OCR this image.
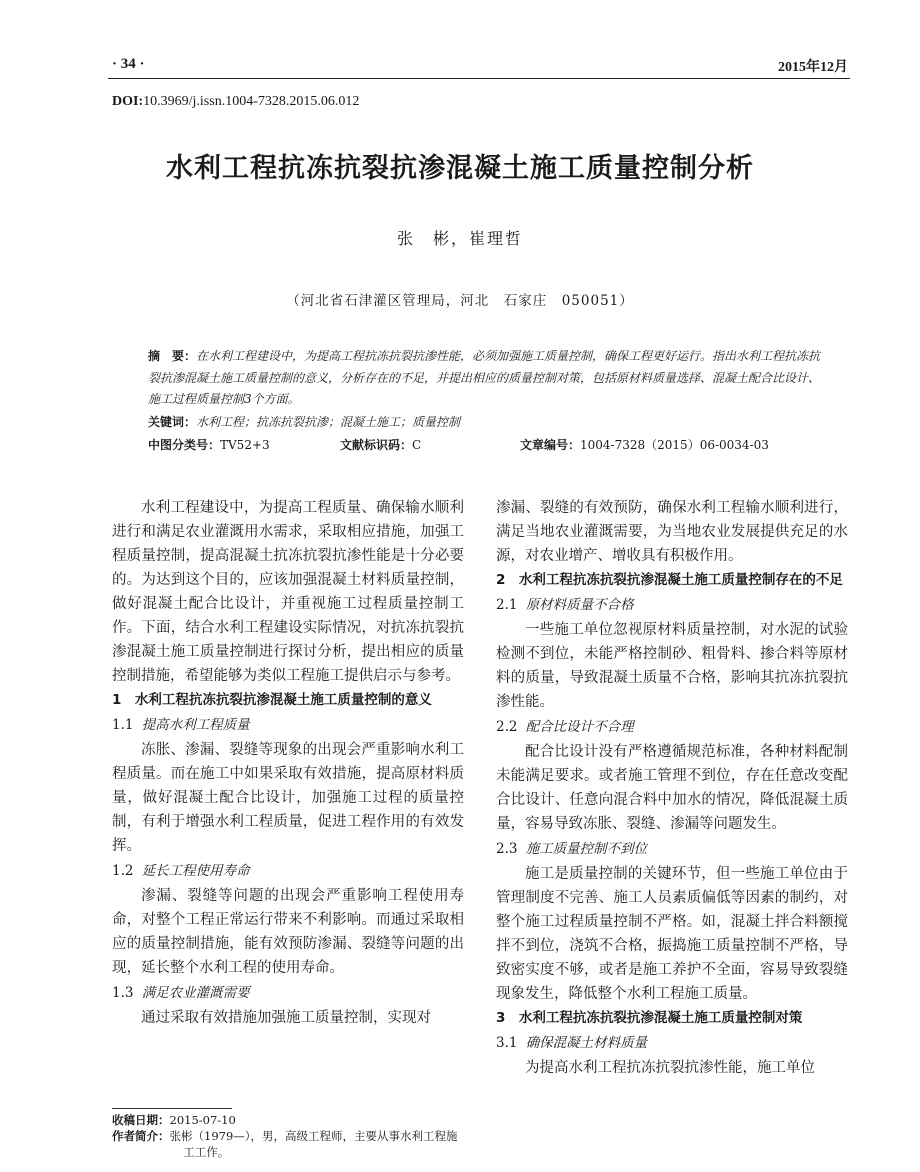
· 34 ·	2015年12月
DOI:10.3969/j.issn.1004-7328.2015.06.012
水利工程抗冻抗裂抗渗混凝土施工质量控制分析
张　彬，崔理哲
（河北省石津灌区管理局，河北　石家庄　050051）
摘　要：在水利工程建设中，为提高工程抗冻抗裂抗渗性能，必须加强施工质量控制，确保工程更好运行。指出水利工程抗冻抗裂抗渗混凝土施工质量控制的意义，分析存在的不足，并提出相应的质量控制对策，包括原材料质量选择、混凝土配合比设计、施工过程质量控制3个方面。
关键词：水利工程；抗冻抗裂抗渗；混凝土施工；质量控制
中图分类号：TV52+3	文献标识码：C	文章编号：1004-7328（2015）06-0034-03

水利工程建设中，为提高工程质量、确保输水顺利进行和满足农业灌溉用水需求，采取相应措施，加强工程质量控制，提高混凝土抗冻抗裂抗渗性能是十分必要的。为达到这个目的，应该加强混凝土材料质量控制，做好混凝土配合比设计，并重视施工过程质量控制工作。下面，结合水利工程建设实际情况，对抗冻抗裂抗渗混凝土施工质量控制进行探讨分析，提出相应的质量控制措施，希望能够为类似工程施工提供启示与参考。

1　 水利工程抗冻抗裂抗渗混凝土施工质量控制的意义
1.1 提高水利工程质量

冻胀、渗漏、裂缝等现象的出现会严重影响水利工程质量。而在施工中如果采取有效措施，提高原材料质量，做好混凝土配合比设计，加强施工过程的质量控制，有利于增强水利工程质量，促进工程作用的有效发挥。

1.2 延长工程使用寿命

渗漏、裂缝等问题的出现会严重影响工程使用寿命，对整个工程正常运行带来不利影响。而通过采取相应的质量控制措施，能有效预防渗漏、裂缝等问题的出现，延长整个水利工程的使用寿命。

1.3 满足农业灌溉需要

通过采取有效措施加强施工质量控制，实现对

渗漏、裂缝的有效预防，确保水利工程输水顺利进行，满足当地农业灌溉需要，为当地农业发展提供充足的水源，对农业增产、增收具有积极作用。

2　 水利工程抗冻抗裂抗渗混凝土施工质量控制存在的不足
2.1 原材料质量不合格

一些施工单位忽视原材料质量控制，对水泥的试验检测不到位，未能严格控制砂、粗骨料、掺合料等原材料的质量，导致混凝土质量不合格，影响其抗冻抗裂抗渗性能。

2.2 配合比设计不合理

配合比设计没有严格遵循规范标准，各种材料配制未能满足要求。或者施工管理不到位，存在任意改变配合比设计、任意向混合料中加水的情况，降低混凝土质量，容易导致冻胀、裂缝、渗漏等问题发生。

2.3 施工质量控制不到位

施工是质量控制的关键环节，但一些施工单位由于管理制度不完善、施工人员素质偏低等因素的制约，对整个施工过程质量控制不严格。如，混凝土拌合料额搅拌不到位，浇筑不合格，振捣施工质量控制不严格，导致密实度不够，或者是施工养护不全面，容易导致裂缝现象发生，降低整个水利工程施工质量。

3　 水利工程抗冻抗裂抗渗混凝土施工质量控制对策
3.1 确保混凝土材料质量

为提高水利工程抗冻抗裂抗渗性能，施工单位

收稿日期：2015-07-10
作者简介：张彬（1979—），男，高级工程师，主要从事水利工程施
工工作。
